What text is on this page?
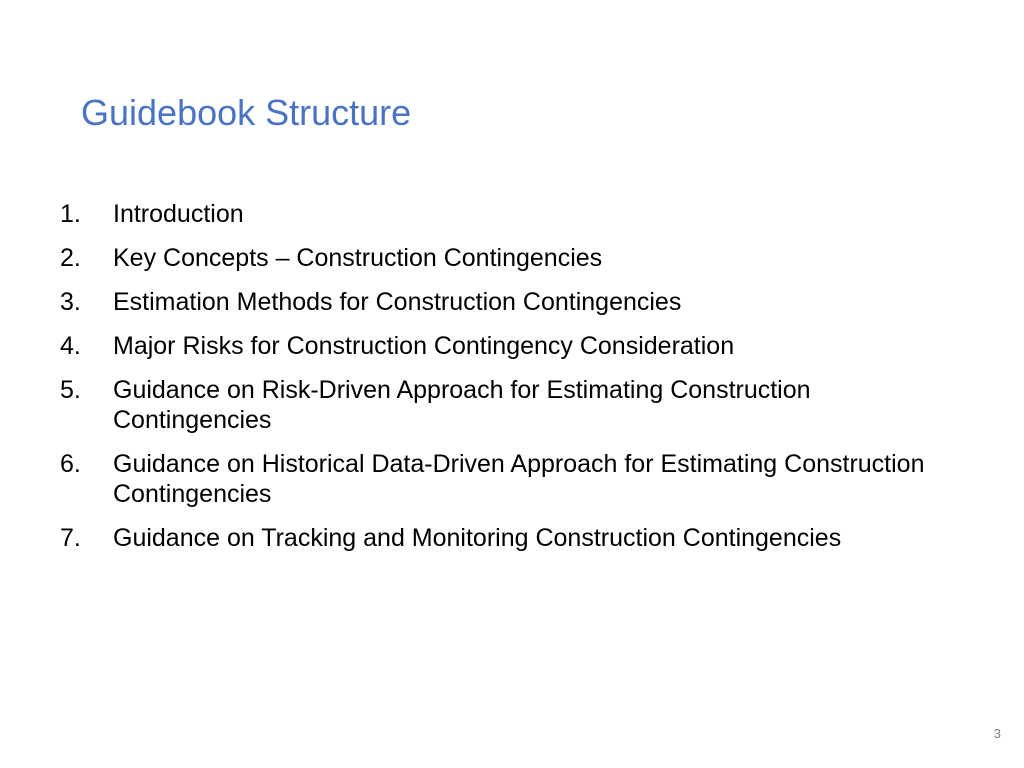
Guidebook Structure
1. Introduction
2. Key Concepts – Construction Contingencies
3. Estimation Methods for Construction Contingencies
4. Major Risks for Construction Contingency Consideration
5. Guidance on Risk-Driven Approach for Estimating Construction Contingencies
6. Guidance on Historical Data-Driven Approach for Estimating Construction Contingencies
7. Guidance on Tracking and Monitoring Construction Contingencies
3
